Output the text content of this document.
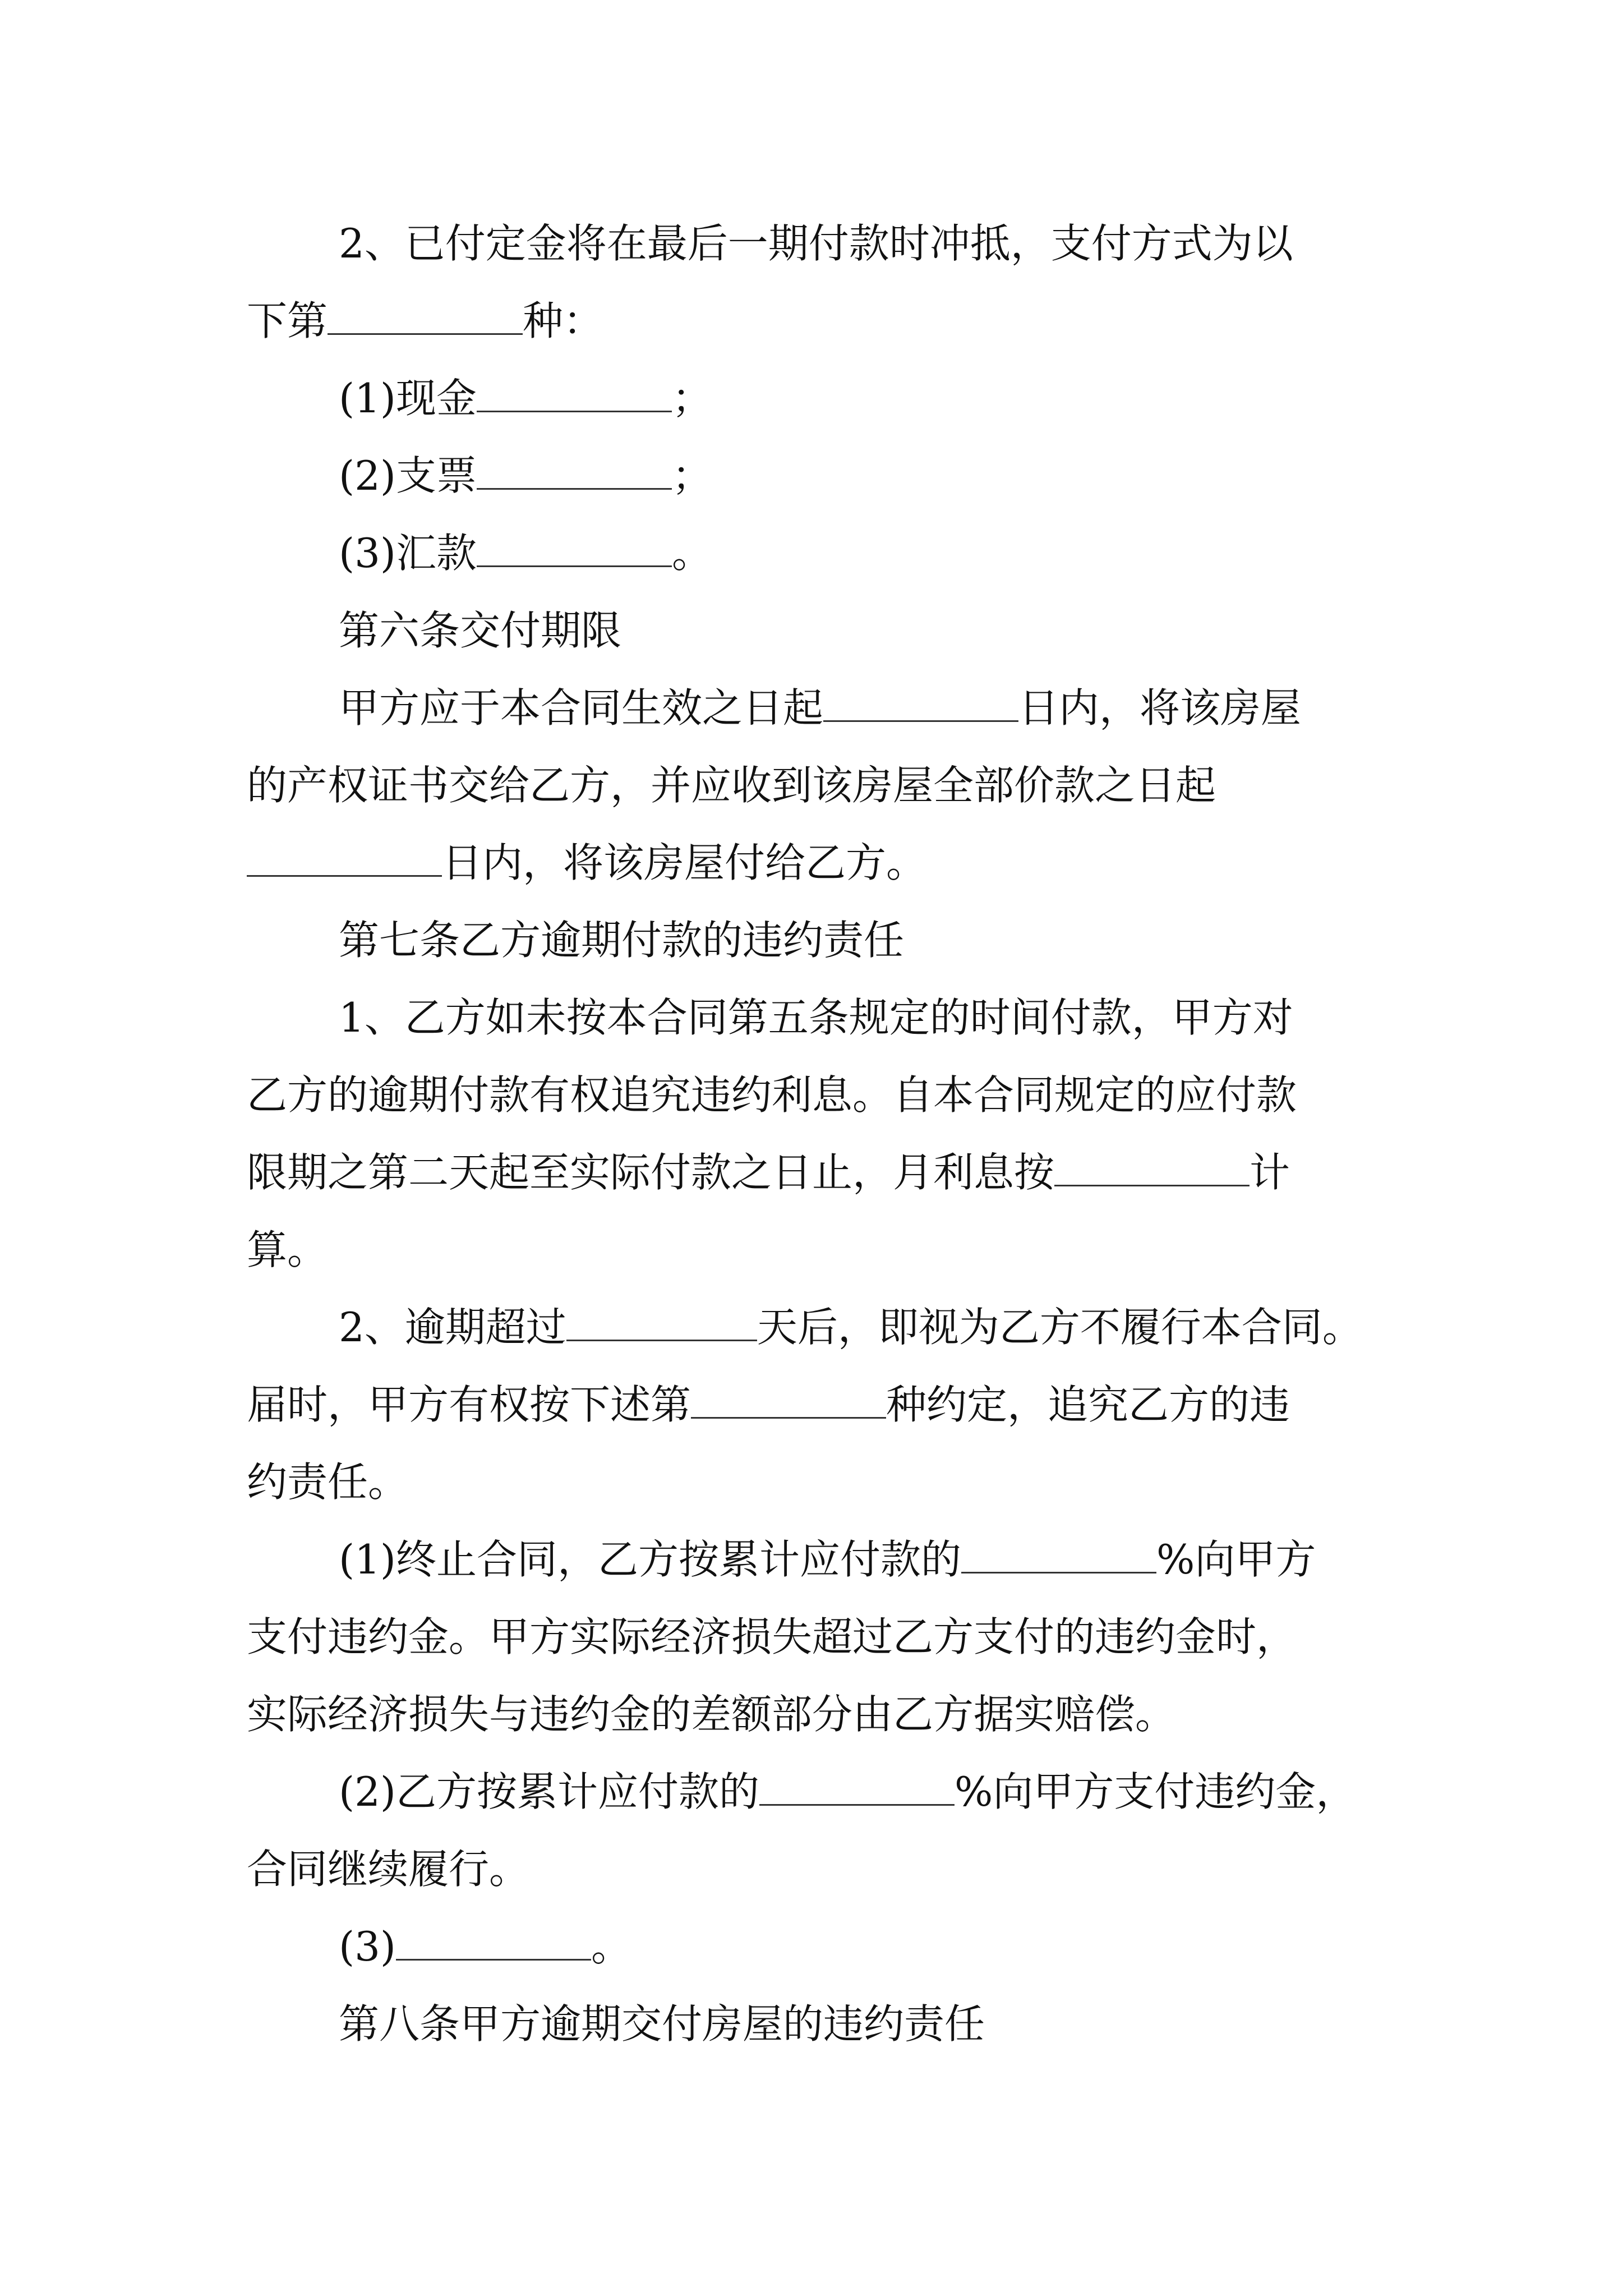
2、已付定金将在最后一期付款时冲抵，支付方式为以

下第	种：

(1)现金	；

(2)支票	；

(3)汇款	。

第六条交付期限

甲方应于本合同生效之日起	日内，将该房屋

的产权证书交给乙方，并应收到该房屋全部价款之日起

日内，将该房屋付给乙方。

第七条乙方逾期付款的违约责任

1、乙方如未按本合同第五条规定的时间付款，甲方对

乙方的逾期付款有权追究违约利息。自本合同规定的应付款

限期之第二天起至实际付款之日止，月利息按	计

算。

2、逾期超过	天后，即视为乙方不履行本合同。

届时，甲方有权按下述第	种约定，追究乙方的违

约责任。

(1)终止合同，乙方按累计应付款的	%向甲方

支付违约金。甲方实际经济损失超过乙方支付的违约金时，

实际经济损失与违约金的差额部分由乙方据实赔偿。

(2)乙方按累计应付款的	%向甲方支付违约金，

合同继续履行。

(3)	。

第八条甲方逾期交付房屋的违约责任
